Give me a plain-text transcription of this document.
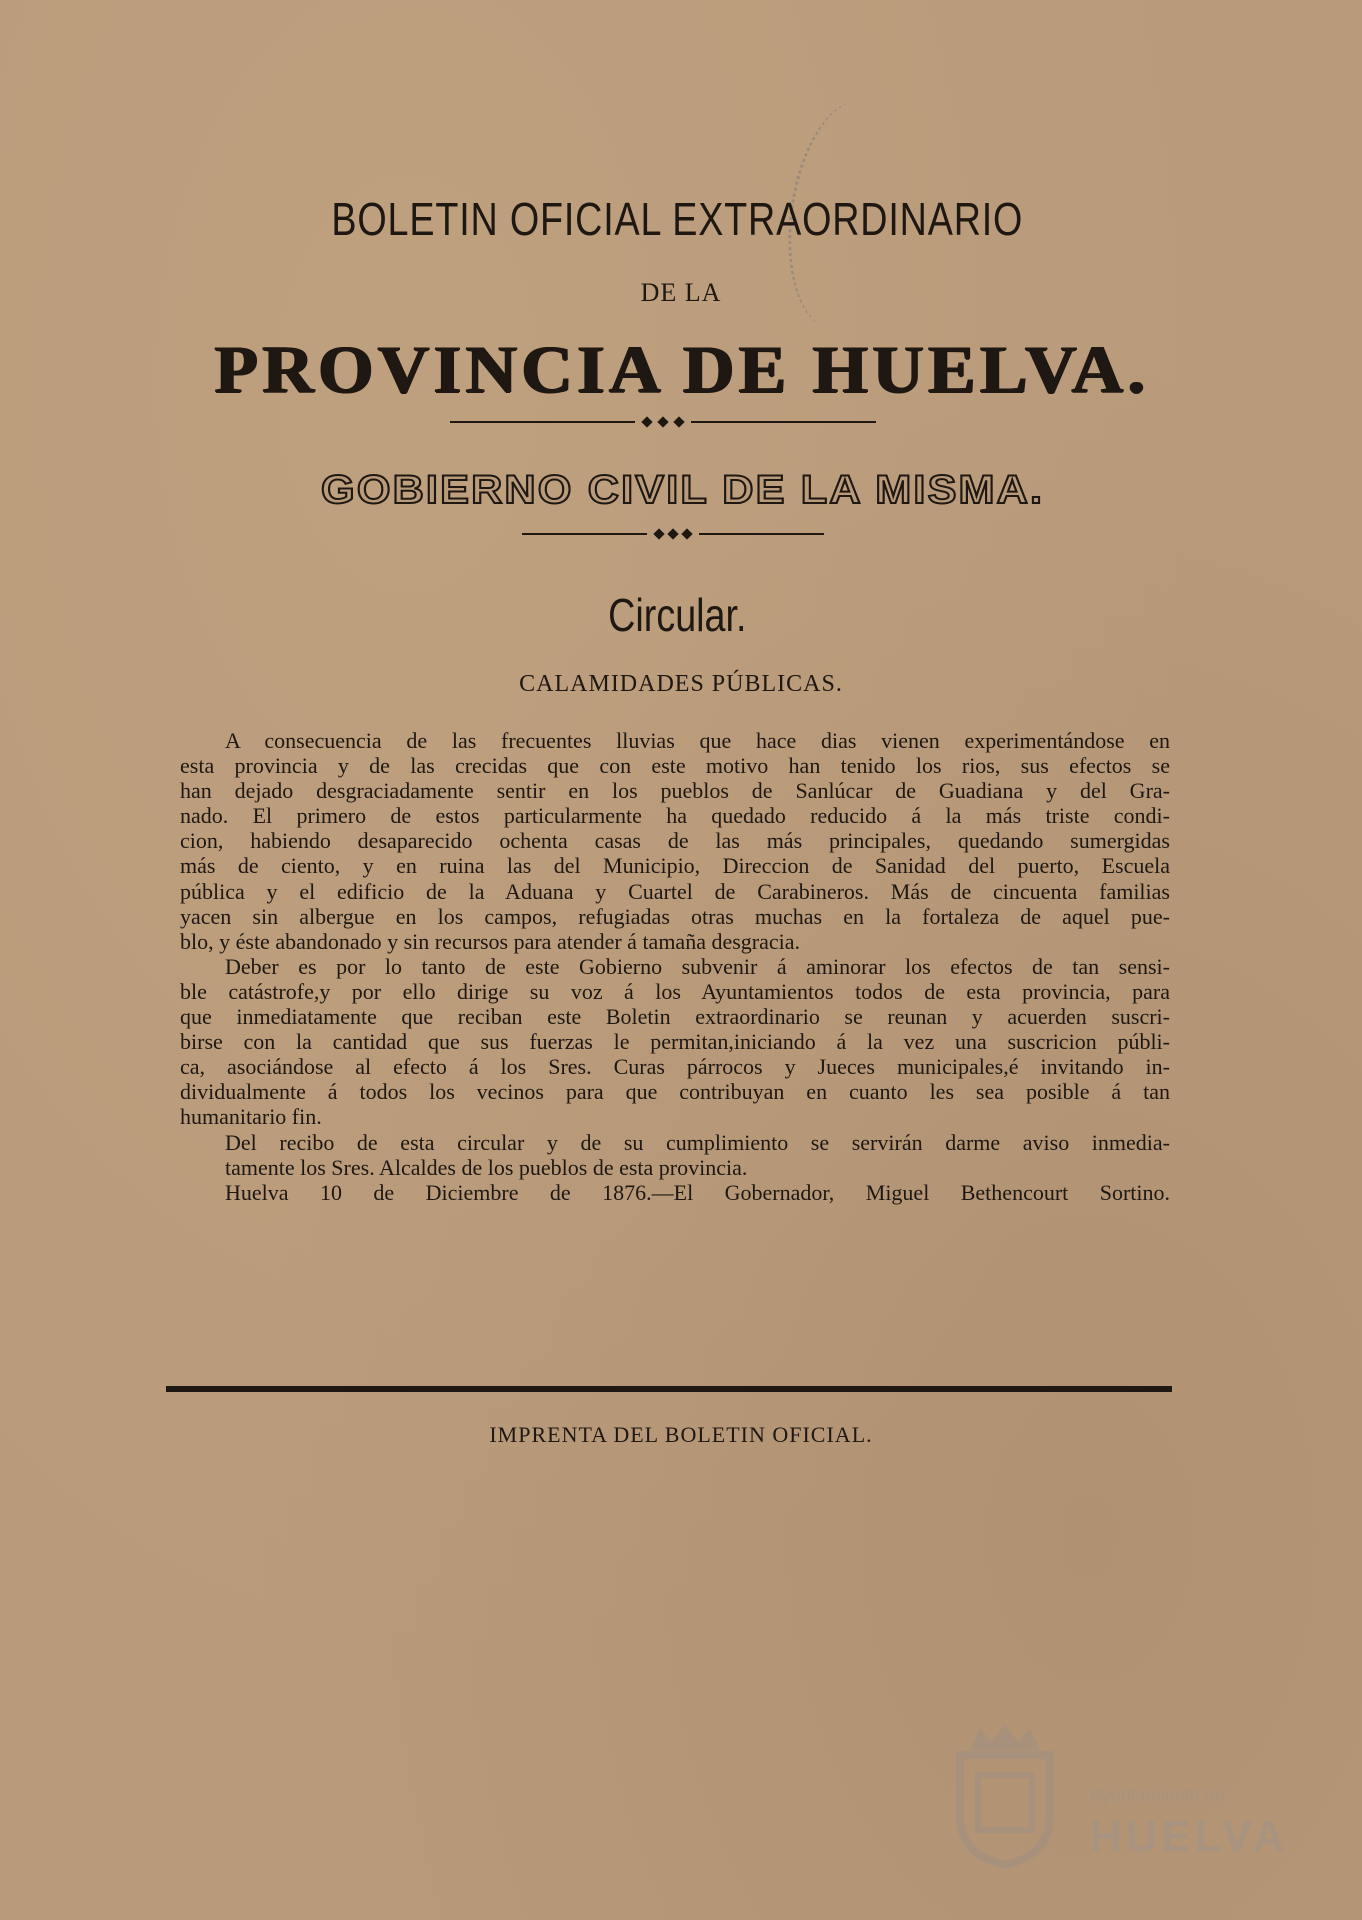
BOLETIN OFICIAL EXTRAORDINARIO
DE LA
PROVINCIA DE HUELVA.
GOBIERNO CIVIL DE LA MISMA.
Circular.
CALAMIDADES PÚBLICAS.
A consecuencia de las frecuentes lluvias que hace dias vienen experimentándose en
esta provincia y de las crecidas que con este motivo han tenido los rios, sus efectos se
han dejado desgraciadamente sentir en los pueblos de Sanlúcar de Guadiana y del Gra-
nado. El primero de estos particularmente ha quedado reducido á la más triste condi-
cion, habiendo desaparecido ochenta casas de las más principales, quedando sumergidas
más de ciento, y en ruina las del Municipio, Direccion de Sanidad del puerto, Escuela
pública y el edificio de la Aduana y Cuartel de Carabineros. Más de cincuenta familias
yacen sin albergue en los campos, refugiadas otras muchas en la fortaleza de aquel pue-
blo, y éste abandonado y sin recursos para atender á tamaña desgracia.
Deber es por lo tanto de este Gobierno subvenir á aminorar los efectos de tan sensi-
ble catástrofe,y por ello dirige su voz á los Ayuntamientos todos de esta provincia, para
que inmediatamente que reciban este Boletin extraordinario se reunan y acuerden suscri-
birse con la cantidad que sus fuerzas le permitan,iniciando á la vez una suscricion públi-
ca, asociándose al efecto á los Sres. Curas párrocos y Jueces municipales,é invitando in-
dividualmente á todos los vecinos para que contribuyan en cuanto les sea posible á tan
humanitario fin.
Del recibo de esta circular y de su cumplimiento se servirán darme aviso inmedia-
tamente los Sres. Alcaldes de los pueblos de esta provincia.
Huelva 10 de Diciembre de 1876.—El Gobernador, Miguel Bethencourt Sortino.
IMPRENTA DEL BOLETIN OFICIAL.
Ayuntamiento de
HUELVA
